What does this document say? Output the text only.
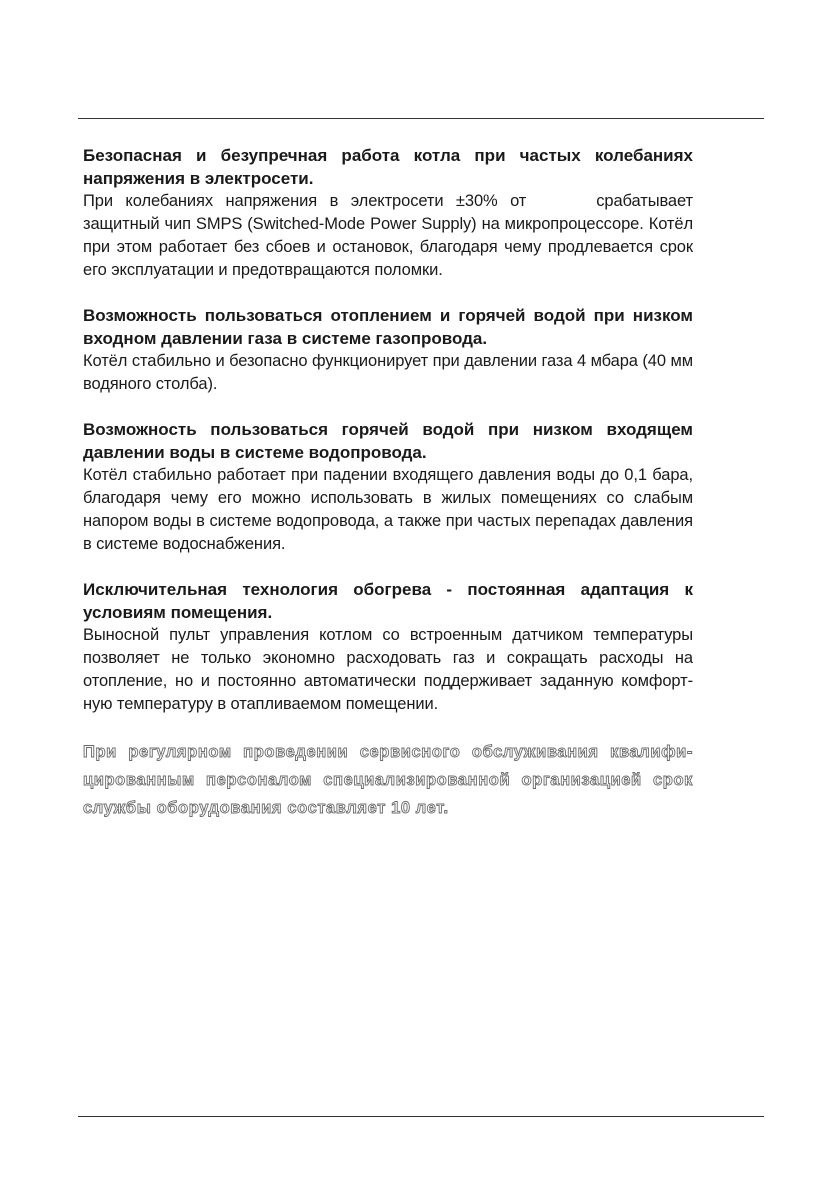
Безопасная и безупречная работа котла при частых колебаниях напряжения в электросети.

При колебаниях напряжения в электросети ±30% от	срабатывает защитный чип SMPS (Switched-Mode Power Supply) на микропроцессоре. Котёл при этом работает без сбоев и остановок, благодаря чему продлевается срок его эксплуатации и предотвращаются поломки.

Возможность пользоваться отоплением и горячей водой при низком входном давлении газа в системе газопровода.

Котёл стабильно и безопасно функционирует при давлении газа 4 мбара (40 мм водяного столба).

Возможность пользоваться горячей водой при низком входящем давлении воды в системе водопровода.

Котёл стабильно работает при падении входящего давления воды до 0,1 бара, благодаря чему его можно использовать в жилых помещениях со слабым напором воды в системе водопровода, а также при частых перепадах давления в системе водоснабжения.

Исключительная технология обогрева - постоянная адаптация к условиям помещения.

Выносной пульт управления котлом со встроенным датчиком температуры позволяет не только экономно расходовать газ и сокращать расходы на отопление, но и постоянно автоматически поддерживает заданную комфорт-ную температуру в отапливаемом помещении.

При регулярном проведении сервисного обслуживания квалифи-цированным персоналом специализированной организацией срок службы оборудования составляет 10 лет.
